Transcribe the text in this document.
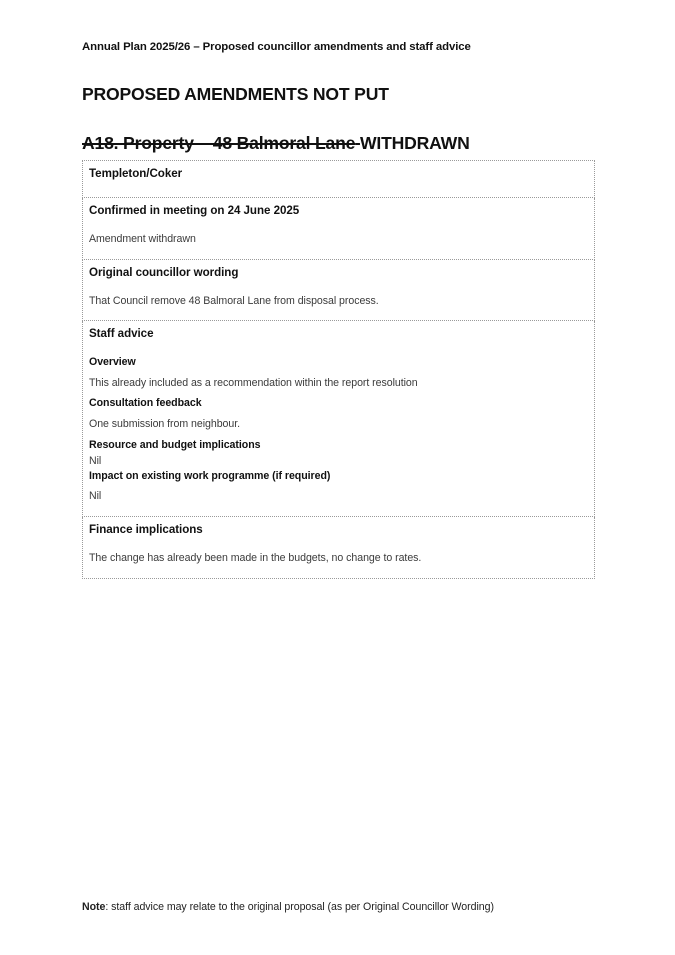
Annual Plan 2025/26 – Proposed councillor amendments and staff advice
PROPOSED AMENDMENTS NOT PUT
A18. Property – 48 Balmoral Lane WITHDRAWN

Templeton/Coker

Confirmed in meeting on 24 June 2025

Amendment withdrawn

Original councillor wording

That Council remove 48 Balmoral Lane from disposal process.

Staff advice

Overview

This already included as a recommendation within the report resolution

Consultation feedback

One submission from neighbour.

Resource and budget implications

Nil

Impact on existing work programme (if required)

Nil

Finance implications

The change has already been made in the budgets, no change to rates.

Note: staff advice may relate to the original proposal (as per Original Councillor Wording)
